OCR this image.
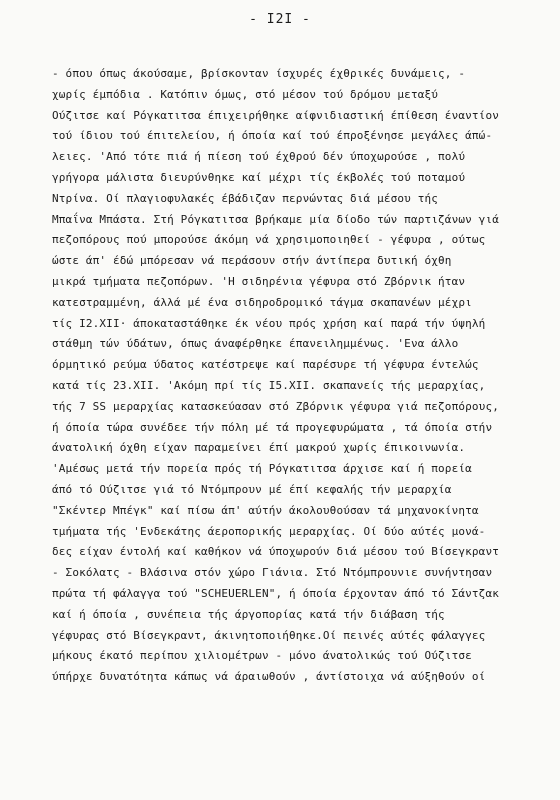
- I2I -
- όπου όπως άκούσαμε, βρίσκονταν ίσχυρές έχθρικές δυνάμεις, -
χωρίς έμπόδια . Κατόπιν όμως, στό μέσον τού δρόμου μεταξύ
Ούζιτσε καί Ρόγκατιτσα έπιχειρήθηκε αίφνιδιαστική έπίθεση έναντίον
τού ίδιου τού έπιτελείου, ή όποία καί τού έπροξένησε μεγάλες άπώ-
λειες. 'Από τότε πιά ή πίεση τού έχθρού δέν ύποχωρούσε , πολύ
γρήγορα μάλιστα διευρύνθηκε καί μέχρι τίς έκβολές τού ποταμού
Ντρίνα. Οί πλαγιοφυλακές έβάδιζαν περνώντας διά μέσου τής
Μπαΐνα Μπάστα. Στή Ρόγκατιτσα βρήκαμε μία δίοδο τών παρτιζάνων γιά
πεζοπόρους πού μπορούσε άκόμη νά χρησιμοποιηθεί - γέφυρα , ούτως
ώστε άπ' έδώ μπόρεσαν νά περάσουν στήν άντίπερα δυτική όχθη
μικρά τμήματα πεζοπόρων. 'Η σιδηρένια γέφυρα στό Ζβόρνικ ήταν
κατεστραμμένη, άλλά μέ ένα σιδηροδρομικό τάγμα σκαπανέων μέχρι
τίς I2.XII· άποκαταστάθηκε έκ νέου πρός χρήση καί παρά τήν ύψηλή
στάθμη τών ύδάτων, όπως άναφέρθηκε έπανειλημμένως. 'Ενα άλλο
όρμητικό ρεύμα ύδατος κατέστρεψε καί παρέσυρε τή γέφυρα έντελώς
κατά τίς 23.XII. 'Ακόμη πρί τίς I5.XII. σκαπανείς τής μεραρχίας,
τής 7 SS μεραρχίας κατασκεύασαν στό Ζβόρνικ γέφυρα γιά πεζοπόρους,
ή όποία τώρα συνέδεε τήν πόλη μέ τά προγεφυρώματα , τά όποία στήν
άνατολική όχθη είχαν παραμείνει έπί μακρού χωρίς έπικοινωνία.
'Αμέσως μετά τήν πορεία πρός τή Ρόγκατιτσα άρχισε καί ή πορεία
άπό τό Ούζιτσε γιά τό Ντόμπρουν μέ έπί κεφαλής τήν μεραρχία
"Σκέντερ Μπέγκ" καί πίσω άπ' αύτήν άκολουθούσαν τά μηχανοκίνητα
τμήματα τής 'Ενδεκάτης άεροπορικής μεραρχίας. Οί δύο αύτές μονά-
δες είχαν έντολή καί καθήκον νά ύποχωρούν διά μέσου τού Βίσεγκραντ
- Σοκόλατς - Βλάσινα στόν χώρο Γιάνια. Στό Ντόμπρουνιε συνήντησαν
πρώτα τή φάλαγγα τού "SCHEUERLEN", ή όποία έρχονταν άπό τό Σάντζακ
καί ή όποία , συνέπεια τής άργοπορίας κατά τήν διάβαση τής
γέφυρας στό Βίσεγκραντ, άκινητοποιήθηκε.Οί πεινές αύτές φάλαγγες
μήκους έκατό περίπου χιλιομέτρων - μόνο άνατολικώς τού Ούζιτσε
ύπήρχε δυνατότητα κάπως νά άραιωθούν , άντίστοιχα νά αύξηθούν οί
